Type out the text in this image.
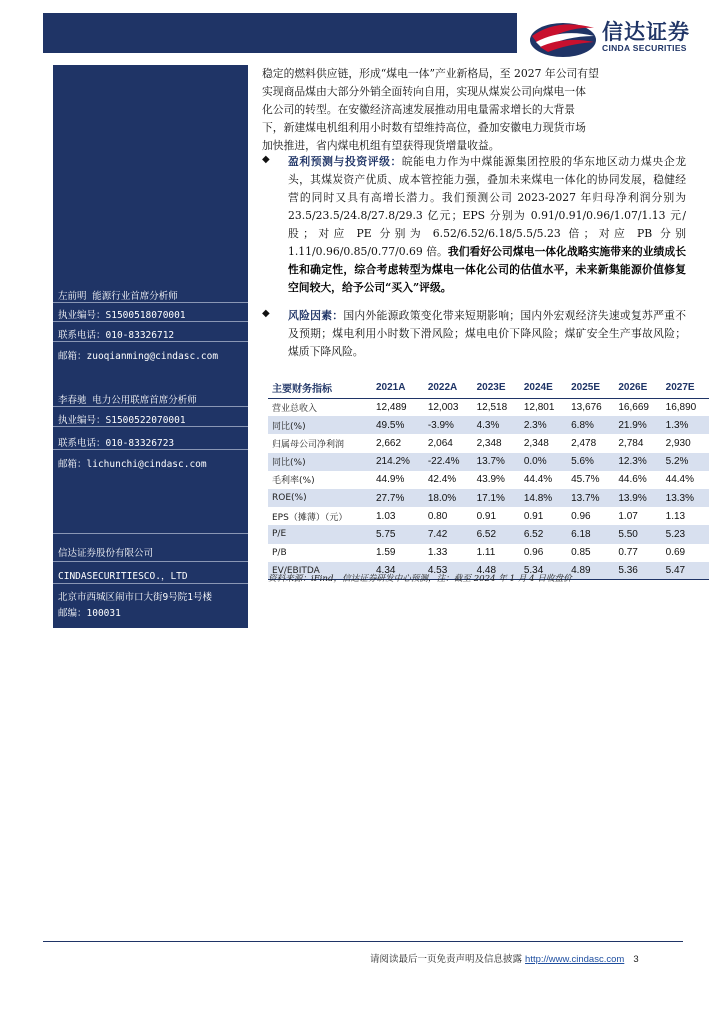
信达证券
CINDA SECURITIES
左前明 能源行业首席分析师
执业编号：S1500518070001
联系电话：010-83326712
邮箱：zuoqianming@cindasc.com
李春驰 电力公用联席首席分析师
执业编号：S1500522070001
联系电话：010-83326723
邮箱：lichunchi@cindasc.com
信达证券股份有限公司
CINDASECURITIESCO.，LTD
北京市西城区闹市口大街9号院1号楼
邮编：100031
稳定的燃料供应链，形成“煤电一体”产业新格局，至 2027 年公司有望
实现商品煤由大部分外销全面转向自用，实现从煤炭公司向煤电一体
化公司的转型。在安徽经济高速发展推动用电量需求增长的大背景
下，新建煤电机组利用小时数有望维持高位，叠加安徽电力现货市场
加快推进，省内煤电机组有望获得现货增量收益。
◆ 盈利预测与投资评级：皖能电力作为中煤能源集团控股的华东地区动力煤央企龙头，其煤炭资产优质、成本管控能力强，叠加未来煤电一体化的协同发展，稳健经营的同时又具有高增长潜力。我们预测公司 2023-2027 年归母净利润分别为 23.5/23.5/24.8/27.8/29.3 亿元；EPS 分别为 0.91/0.91/0.96/1.07/1.13 元/股；对应 PE 分别为 6.52/6.52/6.18/5.5/5.23 倍；对应 PB 分别 1.11/0.96/0.85/0.77/0.69 倍。我们看好公司煤电一体化战略实施带来的业绩成长性和确定性，综合考虑转型为煤电一体化公司的估值水平，未来新集能源价值修复空间较大，给予公司“买入”评级。
◆ 风险因素：国内外能源政策变化带来短期影响；国内外宏观经济失速或复苏严重不及预期；煤电利用小时数下滑风险；煤电电价下降风险；煤矿安全生产事故风险；煤质下降风险。
主要财务指标	2021A	2022A	2023E	2024E	2025E	2026E	2027E
营业总收入	12,489	12,003	12,518	12,801	13,676	16,669	16,890
同比(%)	49.5%	-3.9%	4.3%	2.3%	6.8%	21.9%	1.3%
归属母公司净利润	2,662	2,064	2,348	2,348	2,478	2,784	2,930
同比(%)	214.2%	-22.4%	13.7%	0.0%	5.6%	12.3%	5.2%
毛利率(%)	44.9%	42.4%	43.9%	44.4%	45.7%	44.6%	44.4%
ROE(%)	27.7%	18.0%	17.1%	14.8%	13.7%	13.9%	13.3%
EPS（摊薄）（元）	1.03	0.80	0.91	0.91	0.96	1.07	1.13
P/E	5.75	7.42	6.52	6.52	6.18	5.50	5.23
P/B	1.59	1.33	1.11	0.96	0.85	0.77	0.69
EV/EBITDA	4.34	4.53	4.48	5.34	4.89	5.36	5.47
资料来源：iFind，信达证券研发中心预测，注：截至 2024 年 1 月 4 日收盘价
请阅读最后一页免责声明及信息披露 http://www.cindasc.com 3
